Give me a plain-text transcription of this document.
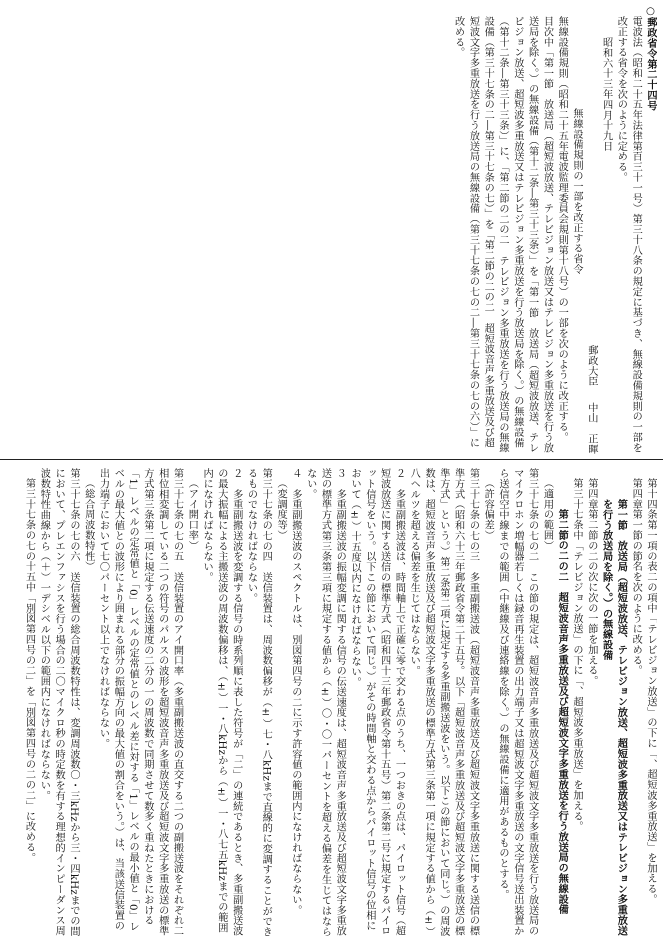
○郵政省令第二十四号
電波法（昭和二十五年法律第百三十一号）第三十八条の規定に基づき、無線設備規則の一部を改正する省令を次のように定める。
昭和六十三年四月十九日
郵政大臣中山　正暉
無線設備規則の一部を改正する省令
無線設備規則（昭和二十五年電波監理委員会規則第十八号）の一部を次のように改正する。
目次中「第一節　放送局（超短波放送、テレビジョン放送又はテレビジョン多重放送を行う放送局を除く。）の無線設備（第十二条―第三十三条）」を「第一節　放送局（超短波放送、テレビジョン放送、超短波多重放送又はテレビジョン多重放送を行う放送局を除く。）の無線設備（第十二条―第三十三条）」に、「第二節の二の二　テレビジョン多重放送を行う放送局の無線設備（第三十七条の二―第三十七条の七）」を「第二節の二の二　超短波音声多重放送及び超短波文字多重放送を行う放送局の無線設備（第三十七条の七の二―第三十七条の七の六）」に改める。
第十四条第一項の表二の項中「テレビジョン放送」の下に「、超短波多重放送」を加える。
第四章第一節の節名を次のように改める。
第一節　放送局（超短波放送、テレビジョン放送、超短波多重放送又はテレビジョン多重放送を行う放送局を除く。）の無線設備
第四章第二節の二の次に次の一節を加える。
第三十七条中「テレビジョン放送」の下に「、超短波多重放送」を加える。
第二節の二の二　超短波音声多重放送及び超短波文字多重放送を行う放送局の無線設備
（適用の範囲）
第三十七条の七の二　この節の規定は、超短波音声多重放送及び超短波文字多重放送を行う放送局のマイクロホン増幅器若しくは録音再生装置の出力端子又は超短波文字多重放送の文字信号送出装置から送信空中線までの範囲（中継線及び連絡線を除く。）の無線設備に適用があるものとする。
（許容偏差）
第三十七条の七の三　多重副搬送波（超短波音声多重放送及び超短波文字多重放送に関する送信の標準方式（昭和六十三年郵政省令第二十五号。以下「超短波音声多重放送及び超短波文字多重放送の標準方式」という。）第二条第二項に規定する多重副搬送波をいう。以下この節において同じ。）の周波数は、超短波音声多重放送及び超短波文字多重放送の標準方式第三条第一項に規定する値から（±）八ヘルツを超える偏差を生じてはならない。
２　多重副搬送波は、時間軸上で正確に零で交わる点のうち、一つおきの点は、パイロット信号（超短波放送に関する送信の標準方式（昭和四十三年郵政省令第十五号）第二条第二号に規定するパイロット信号をいう。以下この節において同じ。）がその時間軸と交わる点からパイロット信号の位相において（±）十五度以内になければならない。
３　多重副搬送波の振幅変調に関する信号の伝送速度は、超短波音声多重放送及び超短波文字多重放送の標準方式第三条第三項に規定する値から（±）〇・〇一パーセントを超える偏差を生じてはならない。
４　多重副搬送波のスペクトルは、別図第四号の二に示す許容値の範囲内になければならない。
（変調度等）
第三十七条の七の四　送信装置は、周波数偏移が（±）七・八kHzまで直線的に変調することができるものでなければならない。
２　多重副搬送波を変調する信号の時系列順に表した符号が「二」の連続であるとき、多重副搬送波の最大振幅による主搬送波の周波数偏移は、（±）一・八kHzから（±）一・八七五kHzまでの範囲内になければならない。
（アイ開口率）
第三十七条の七の五　送信装置のアイ開口率（多重副搬送波の直交する二つの副搬送波をそれぞれ二相位相変調している二つの符号のパルスの波形を超短波音声多重放送及び超短波文字多重放送の標準方式第三条第二項に規定する伝送速度の二分の一の周波数で同期させて数多く重ねたときにおける「1」レベルの定常値と「0」レベルの定常値とのレベル差に対する「1」レベルの最小値と「0」レベルの最大値との波形により囲まれる部分の振幅方向の最大値の割合をいう。）は、当該送信装置の出力端子において七〇パーセント以上でなければならない。
（総合周波数特性）
第三十七条の七の六　送信装置の総合周波数特性は、変調周波数〇・三kHzから三・四kHzまでの間において、プレエンファシスを行う場合の二〇マイクロ秒の時定数を有する理想的インピーダンス周波数特性曲線から（＋）一デシベル以下の範囲内になければならない。
第三十七条の七の十五中「別図第四号の二」を「別図第四号の二の二」に改める。
